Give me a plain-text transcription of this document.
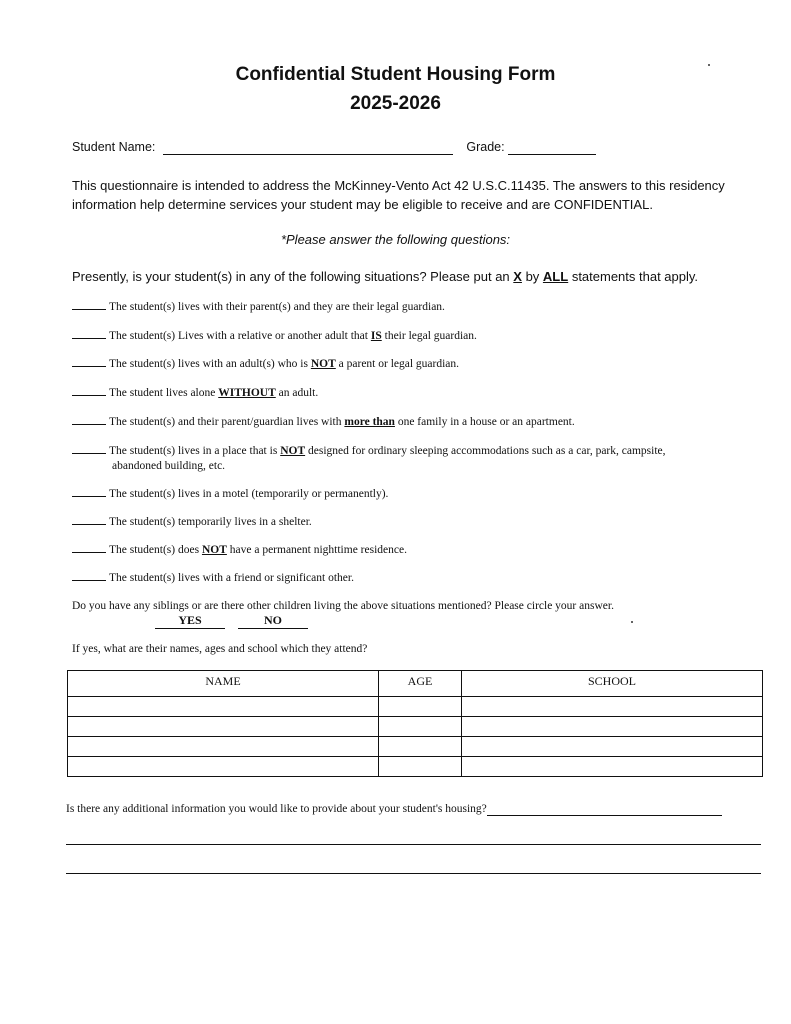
Confidential Student Housing Form
2025-2026
Student Name:	Grade:
This questionnaire is intended to address the McKinney-Vento Act 42 U.S.C.11435. The answers to this residency information help determine services your student may be eligible to receive and are CONFIDENTIAL.
*Please answer the following questions:
Presently, is your student(s) in any of the following situations? Please put an X by ALL statements that apply.
The student(s) lives with their parent(s) and they are their legal guardian.
The student(s) Lives with a relative or another adult that IS their legal guardian.
The student(s) lives with an adult(s) who is NOT a parent or legal guardian.
The student lives alone WITHOUT an adult.
The student(s) and their parent/guardian lives with more than one family in a house or an apartment.
The student(s) lives in a place that is NOT designed for ordinary sleeping accommodations such as a car, park, campsite,
abandoned building, etc.
The student(s) lives in a motel (temporarily or permanently).
The student(s) temporarily lives in a shelter.
The student(s) does NOT have a permanent nighttime residence.
The student(s) lives with a friend or significant other.
Do you have any siblings or are there other children living the above situations mentioned? Please circle your answer.
YES	NO
If yes, what are their names, ages and school which they attend?
NAME	AGE	SCHOOL

Is there any additional information you would like to provide about your student's housing?
